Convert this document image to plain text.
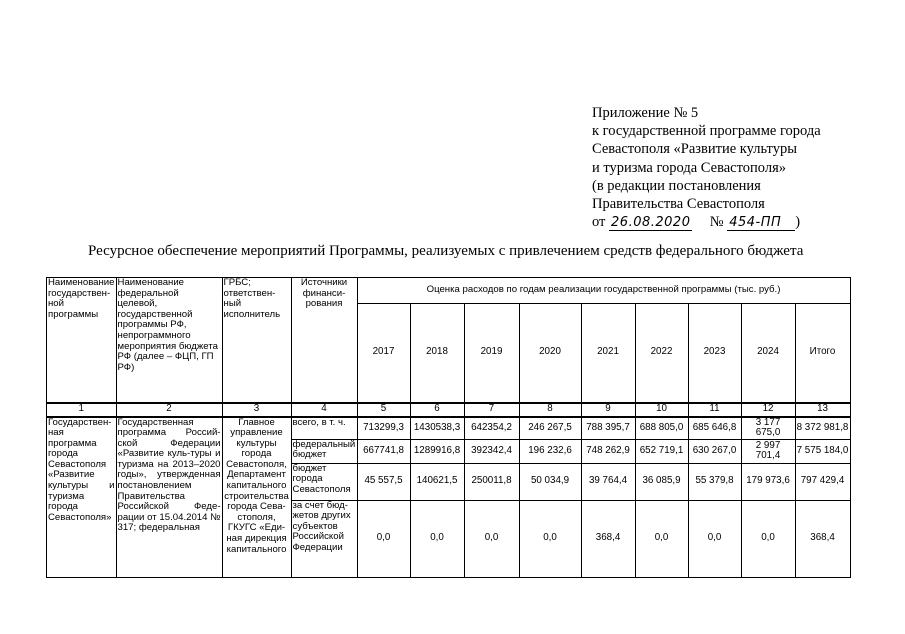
Приложение № 5
к государственной программе города
Севастополя «Развитие культуры
и туризма города Севастополя»
(в редакции постановления
Правительства Севастополя
от 26.08.2020 № 454-ПП )
Ресурсное обеспечение мероприятий Программы, реализуемых с привлечением средств федерального бюджета
Наименование государствен-ной программы	Наименование федеральной целевой, государственной программы РФ, непрограммного мероприятия бюджета РФ (далее – ФЦП, ГП РФ)	ГРБС; ответствен-ный исполнитель	Источники финанси-рования	Оценка расходов по годам реализации государственной программы (тыс. руб.)								
				2017	2018	2019	2020	2021	2022	2023	2024	Итого
1	2	3	4	5	6	7	8	9	10	11	12	13
Государствен-ная программа города Севастополя «Развитие культуры и туризма города Севастополя»	Государственная программа Россий-ской Федерации «Развитие куль-туры и туризма на 2013–2020 годы», утвержденная постановлением Правительства Российской Феде-рации от 15.04.2014 № 317; федеральная	Главное управление культуры города Севастополя, Департамент капитального строительства города Сева-стополя, ГКУГС «Еди-ная дирекция капитального	всего, в т. ч.	713299,3	1430538,3	642354,2	246 267,5	788 395,7	688 805,0	685 646,8	3 177 675,0	8 372 981,8
			федеральный бюджет	667741,8	1289916,8	392342,4	196 232,6	748 262,9	652 719,1	630 267,0	2 997 701,4	7 575 184,0
			бюджет города Севастополя	45 557,5	140621,5	250011,8	50 034,9	39 764,4	36 085,9	55 379,8	179 973,6	797 429,4
			за счет бюд-жетов других субъектов Российской Федерации	0,0	0,0	0,0	0,0	368,4	0,0	0,0	0,0	368,4
